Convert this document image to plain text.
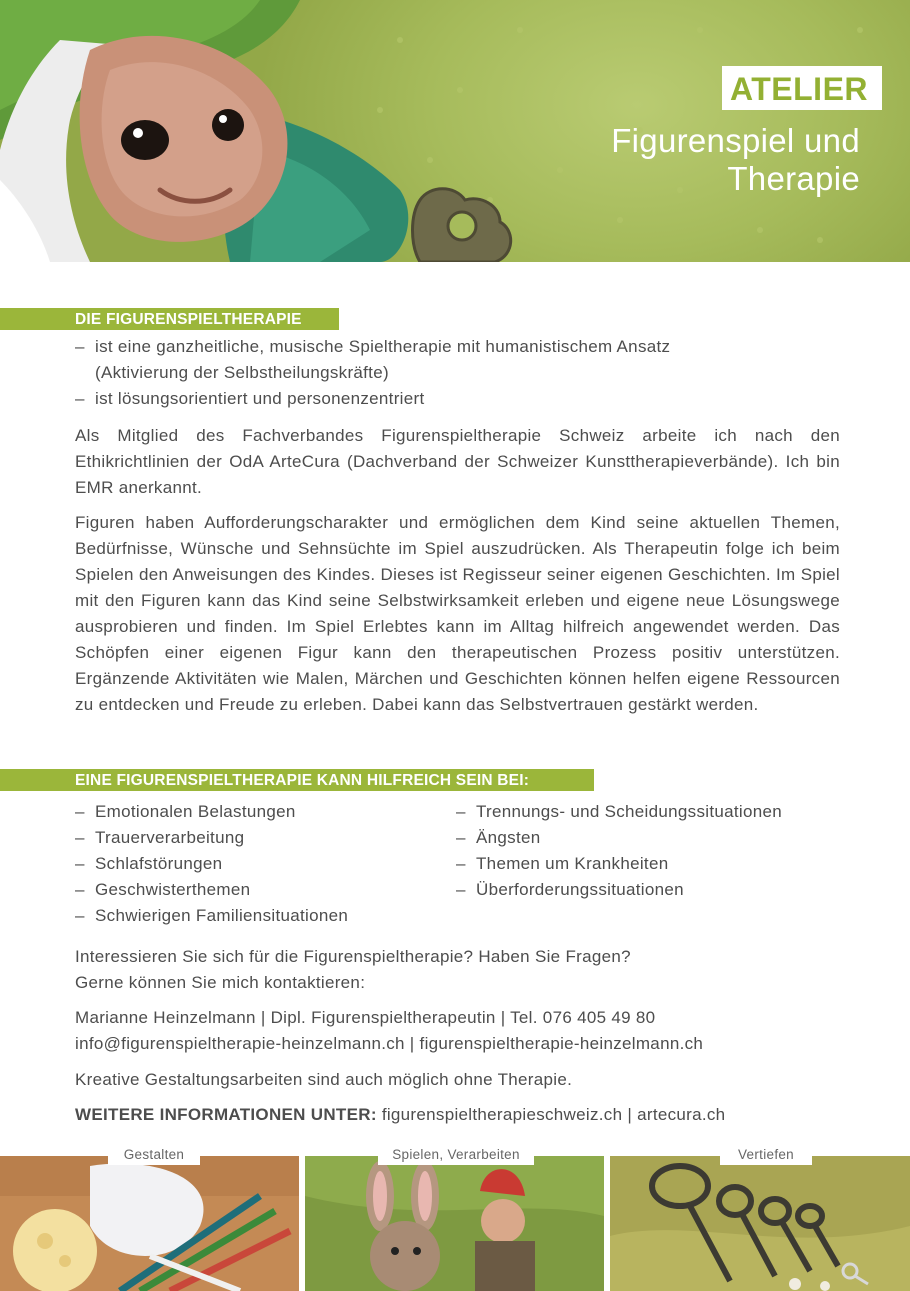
ATELIER
Figurenspiel und
Therapie
DIE FIGURENSPIELTHERAPIE
– ist eine ganzheitliche, musische Spieltherapie mit humanistischem Ansatz
(Aktivierung der Selbstheilungskräfte)
– ist lösungsorientiert und personenzentriert
Als Mitglied des Fachverbandes Figurenspieltherapie Schweiz arbeite ich nach den Ethikrichtlinien der OdA ArteCura (Dachverband der Schweizer Kunsttherapieverbände). Ich bin EMR anerkannt.
Figuren haben Aufforderungscharakter und ermöglichen dem Kind seine aktuellen Themen, Bedürfnisse, Wünsche und Sehnsüchte im Spiel auszudrücken. Als Therapeutin folge ich beim Spielen den Anweisungen des Kindes. Dieses ist Regisseur seiner eigenen Geschichten. Im Spiel mit den Figuren kann das Kind seine Selbstwirksamkeit erleben und eigene neue Lösungswege ausprobieren und finden. Im Spiel Erlebtes kann im Alltag hilfreich angewendet werden. Das Schöpfen einer eigenen Figur kann den therapeutischen Prozess positiv unterstützen. Ergänzende Aktivitäten wie Malen, Märchen und Geschichten können helfen eigene Ressourcen zu entdecken und Freude zu erleben. Dabei kann das Selbstvertrauen gestärkt werden.
EINE FIGURENSPIELTHERAPIE KANN HILFREICH SEIN BEI:
– Emotionalen Belastungen
– Trauerverarbeitung
– Schlafstörungen
– Geschwisterthemen
– Schwierigen Familiensituationen
– Trennungs- und Scheidungssituationen
– Ängsten
– Themen um Krankheiten
– Überforderungssituationen
Interessieren Sie sich für die Figurenspieltherapie? Haben Sie Fragen?
Gerne können Sie mich kontaktieren:
Marianne Heinzelmann | Dipl. Figurenspieltherapeutin | Tel. 076 405 49 80
info@figurenspieltherapie-heinzelmann.ch | figurenspieltherapie-heinzelmann.ch
Kreative Gestaltungsarbeiten sind auch möglich ohne Therapie.
WEITERE INFORMATIONEN UNTER: figurenspieltherapieschweiz.ch | artecura.ch
Gestalten	Spielen, Verarbeiten	Vertiefen
